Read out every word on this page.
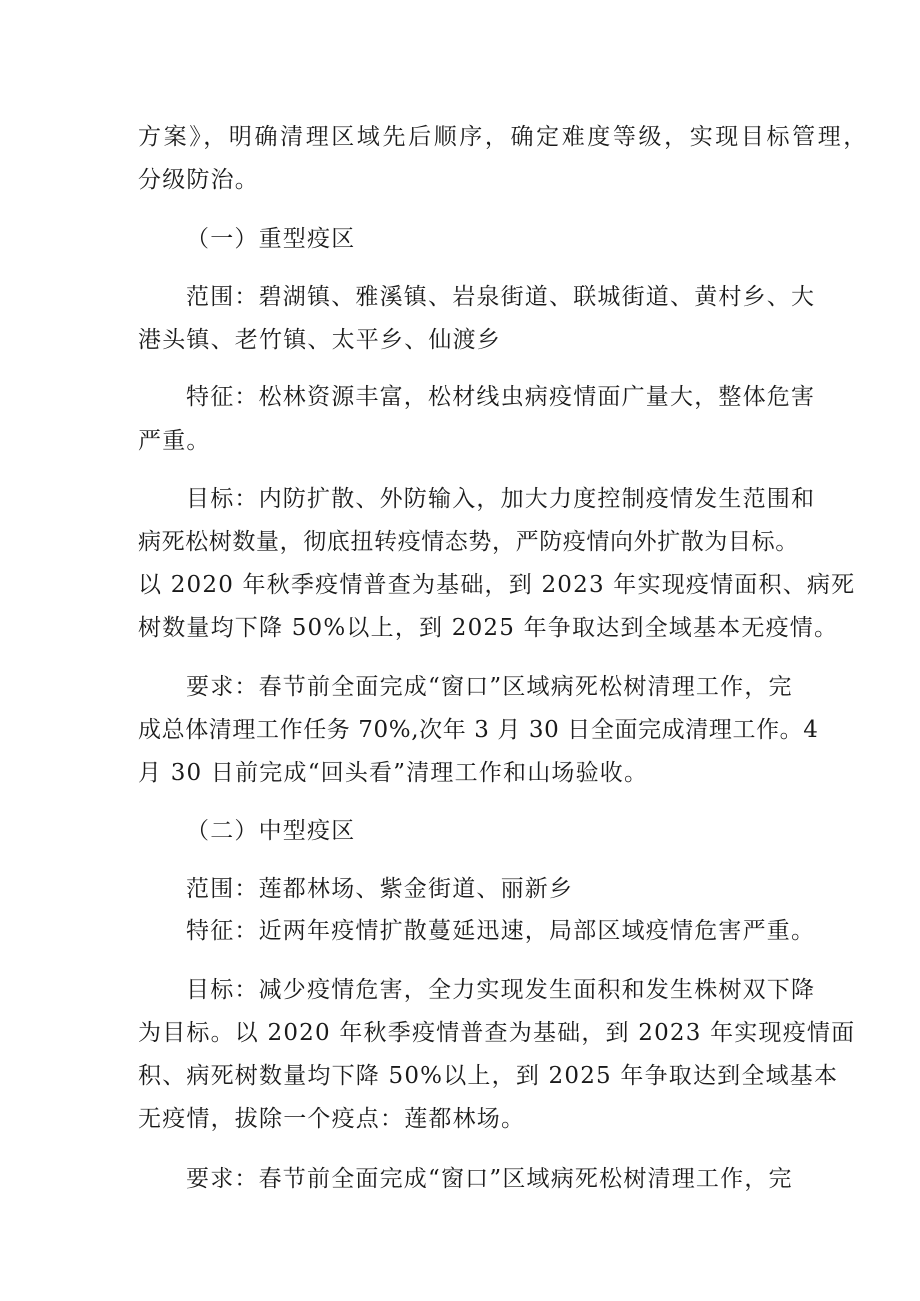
方案》，明确清理区域先后顺序，确定难度等级，实现目标管理，
分级防治。
（一）重型疫区
范围：碧湖镇、雅溪镇、岩泉街道、联城街道、黄村乡、大
港头镇、老竹镇、太平乡、仙渡乡
特征：松林资源丰富，松材线虫病疫情面广量大，整体危害
严重。
目标：内防扩散、外防输入，加大力度控制疫情发生范围和
病死松树数量，彻底扭转疫情态势，严防疫情向外扩散为目标。
以 2020 年秋季疫情普查为基础，到 2023 年实现疫情面积、病死
树数量均下降 50%以上，到 2025 年争取达到全域基本无疫情。
要求：春节前全面完成“窗口”区域病死松树清理工作，完
成总体清理工作任务 70%,次年 3 月 30 日全面完成清理工作。4
月 30 日前完成“回头看”清理工作和山场验收。
（二）中型疫区
范围：莲都林场、紫金街道、丽新乡
特征：近两年疫情扩散蔓延迅速，局部区域疫情危害严重。
目标：减少疫情危害，全力实现发生面积和发生株树双下降
为目标。以 2020 年秋季疫情普查为基础，到 2023 年实现疫情面
积、病死树数量均下降 50%以上，到 2025 年争取达到全域基本
无疫情，拔除一个疫点：莲都林场。
要求：春节前全面完成“窗口”区域病死松树清理工作，完
